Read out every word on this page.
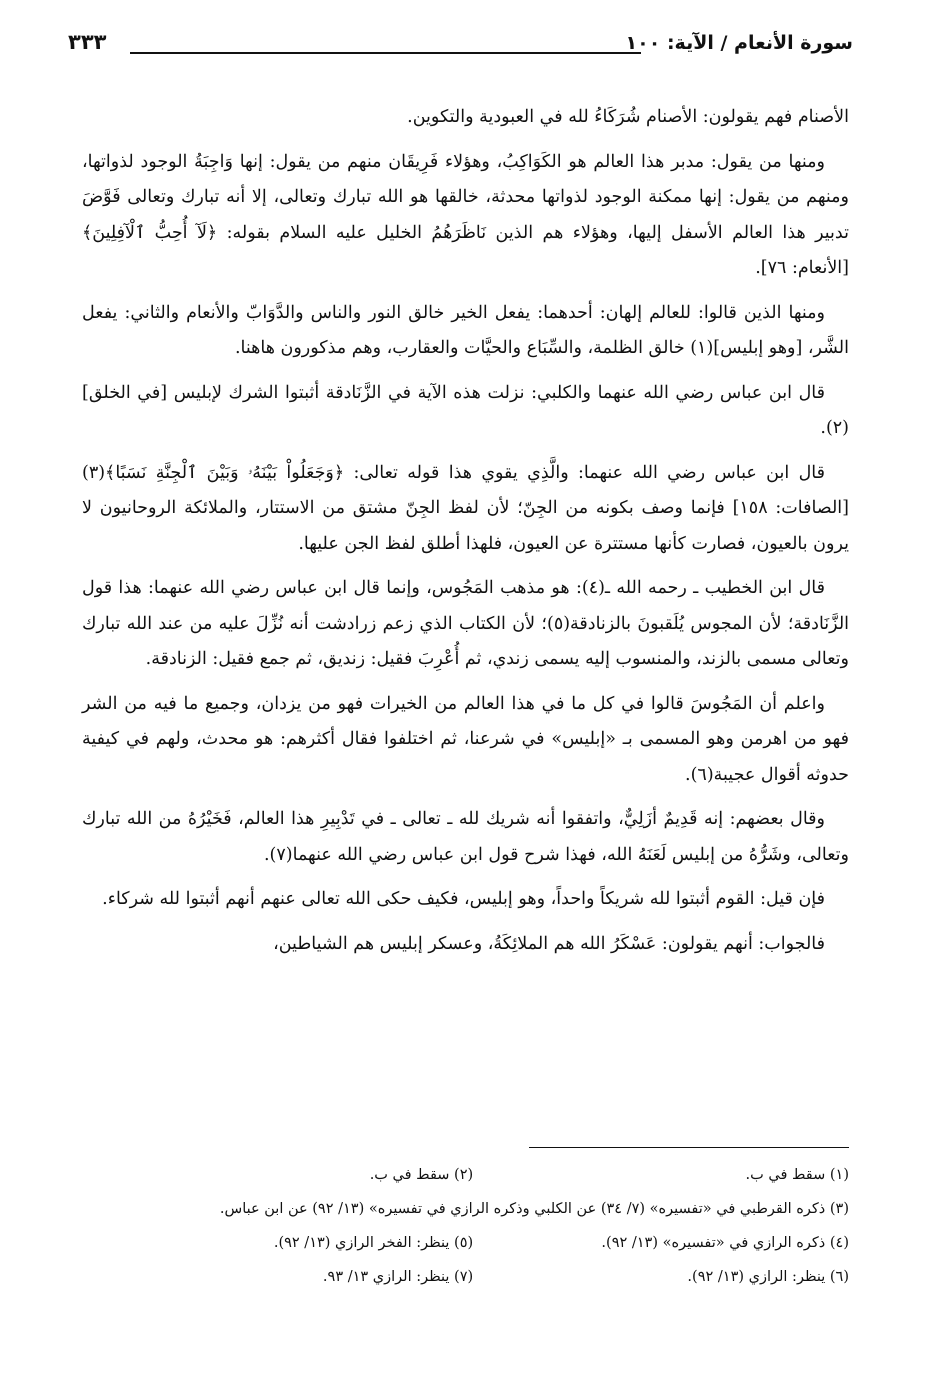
سورة الأنعام / الآية: ١٠٠
٣٣٣

الأصنام فهم يقولون: الأصنام شُرَكَاءُ لله في العبودية والتكوين.

ومنها من يقول: مدبر هذا العالم هو الكَوَاكِبُ، وهؤلاء فَرِيقَان منهم من يقول: إنها وَاجِبَةُ الوجود لذواتها، ومنهم من يقول: إنها ممكنة الوجود لذواتها محدثة، خالقها هو الله تبارك وتعالى، إلا أنه تبارك وتعالى فَوَّضَ تدبير هذا العالم الأسفل إليها، وهؤلاء هم الذين نَاظَرَهُمُ الخليل عليه السلام بقوله: ﴿لَآ أُحِبُّ ٱلْآفِلِينَ﴾ [الأنعام: ٧٦].

ومنها الذين قالوا: للعالم إلهان: أحدهما: يفعل الخير خالق النور والناس والدَّوَابّ والأنعام والثاني: يفعل الشَّر، [وهو إبليس](١) خالق الظلمة، والسِّبَاع والحيَّات والعقارب، وهم مذكورون هاهنا.

قال ابن عباس رضي الله عنهما والكلبي: نزلت هذه الآية في الزَّنَادقة أثبتوا الشرك لإبليس [في الخلق](٢).

قال ابن عباس رضي الله عنهما: والَّذِي يقوي هذا قوله تعالى: ﴿وَجَعَلُواْ بَيْنَهُۥ وَبَيْنَ ٱلْجِنَّةِ نَسَبًا﴾(٣) [الصافات: ١٥٨] فإنما وصف بكونه من الجِنّ؛ لأن لفظ الجِنّ مشتق من الاستتار، والملائكة الروحانيون لا يرون بالعيون، فصارت كأنها مستترة عن العيون، فلهذا أطلق لفظ الجن عليها.

قال ابن الخطيب ـ رحمه الله ـ(٤): هو مذهب المَجُوس، وإنما قال ابن عباس رضي الله عنهما: هذا قول الزَّنَادقة؛ لأن المجوس يُلَقبونَ بالزنادقة(٥)؛ لأن الكتاب الذي زعم زرادشت أنه نُزِّلَ عليه من عند الله تبارك وتعالى مسمى بالزند، والمنسوب إليه يسمى زندي، ثم أُعْرِبَ فقيل: زنديق، ثم جمع فقيل: الزنادقة.

واعلم أن المَجُوسَ قالوا في كل ما في هذا العالم من الخيرات فهو من يزدان، وجميع ما فيه من الشر فهو من اهرمن وهو المسمى بـ «إبليس» في شرعنا، ثم اختلفوا فقال أكثرهم: هو محدث، ولهم في كيفية حدوثه أقوال عجيبة(٦).

وقال بعضهم: إنه قَدِيمٌ أزَلِيٌّ، واتفقوا أنه شريك لله ـ تعالى ـ في تَدْبِيرِ هذا العالم، فَخَيْرُهُ من الله تبارك وتعالى، وشَرُّهُ من إبليس لَعَنَهُ الله، فهذا شرح قول ابن عباس رضي الله عنهما(٧).

فإن قيل: القوم أثبتوا لله شريكاً واحداً، وهو إبليس، فكيف حكى الله تعالى عنهم أنهم أثبتوا لله شركاء.

فالجواب: أنهم يقولون: عَسْكَرُ الله هم الملائِكَةُ، وعسكر إبليس هم الشياطين،

(١) سقط في ب.
(٢) سقط في ب.
(٣) ذكره القرطبي في «تفسيره» (٧/ ٣٤) عن الكلبي وذكره الرازي في تفسيره» (١٣/ ٩٢) عن ابن عباس.
(٤) ذكره الرازي في «تفسيره» (١٣/ ٩٢).
(٥) ينظر: الفخر الرازي (١٣/ ٩٢).
(٦) ينظر: الرازي (١٣/ ٩٢).
(٧) ينظر: الرازي ١٣/ ٩٣.
